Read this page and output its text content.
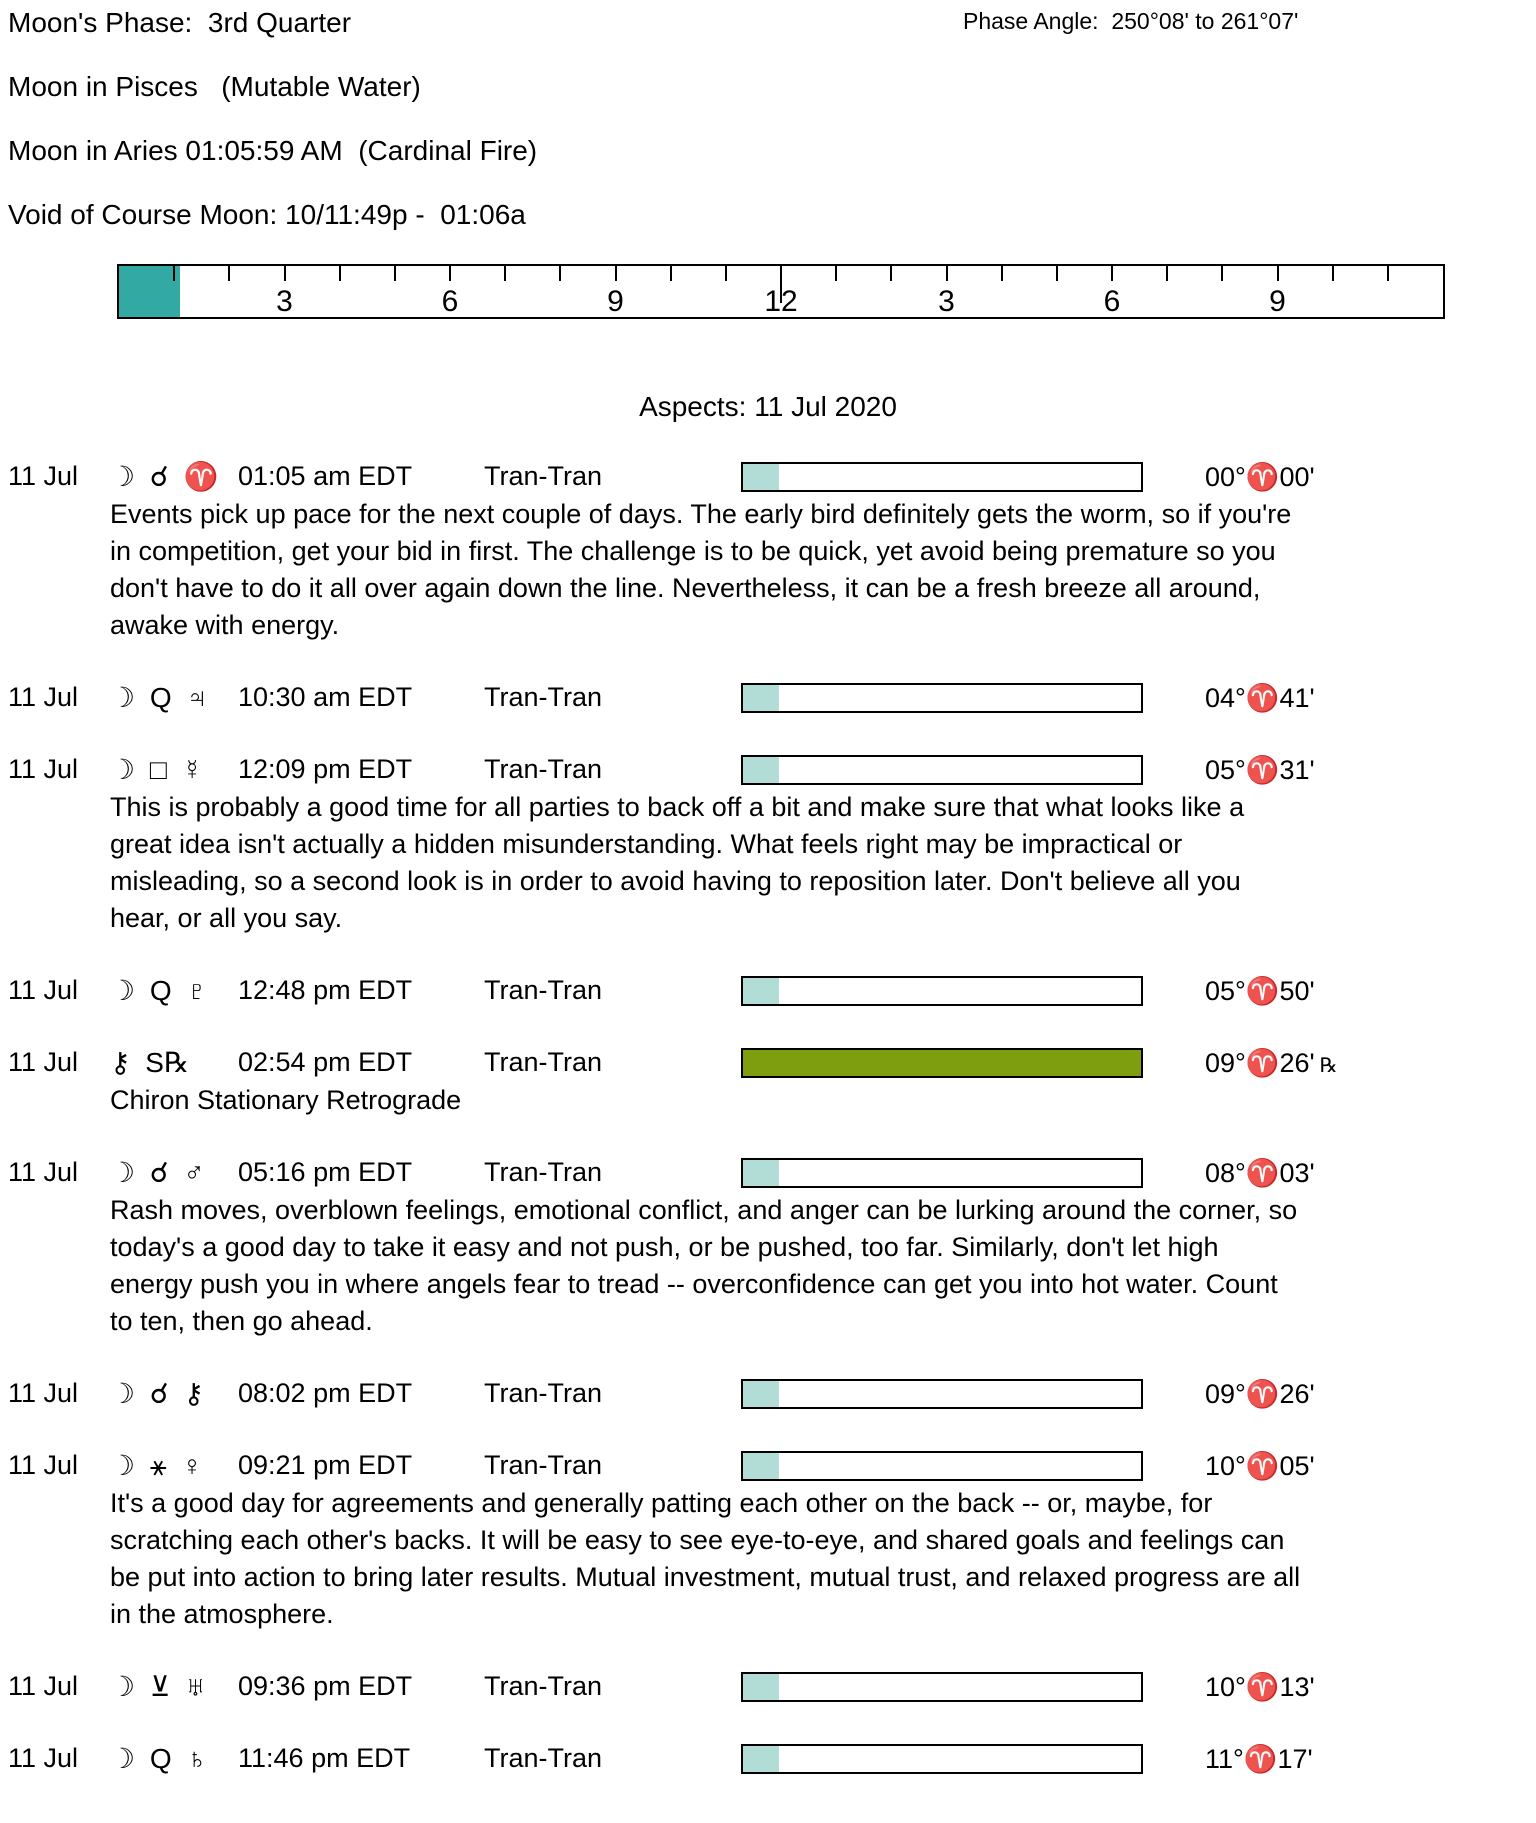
Moon's Phase:  3rd Quarter	Phase Angle:  250°08' to 261°07'

Moon in Pisces   (Mutable Water)

Moon in Aries 01:05:59 AM  (Cardinal Fire)

Void of Course Moon: 10/11:49p -  01:06a

3	6	9	12	3	6	9
Aspects: 11 Jul 2020
11 Jul	☽ ☌ ♈ 01:05 am EDT	Tran-Tran	00°♈00'
Events pick up pace for the next couple of days. The early bird definitely gets the worm, so if you're in competition, get your bid in first. The challenge is to be quick, yet avoid being premature so you don't have to do it all over again down the line. Nevertheless, it can be a fresh breeze all around, awake with energy.
11 Jul	☽ Q ♃	10:30 am EDT	Tran-Tran	04°♈41'
11 Jul	☽ □ ☿	12:09 pm EDT	Tran-Tran	05°♈31'
This is probably a good time for all parties to back off a bit and make sure that what looks like a great idea isn't actually a hidden misunderstanding. What feels right may be impractical or misleading, so a second look is in order to avoid having to reposition later. Don't believe all you hear, or all you say.
11 Jul	☽ Q ♇	12:48 pm EDT	Tran-Tran	05°♈50'
11 Jul	⚷ S℞	02:54 pm EDT	Tran-Tran	09°♈26' ℞
Chiron Stationary Retrograde
11 Jul	☽ ☌ ♂	05:16 pm EDT	Tran-Tran	08°♈03'
Rash moves, overblown feelings, emotional conflict, and anger can be lurking around the corner, so today's a good day to take it easy and not push, or be pushed, too far. Similarly, don't let high energy push you in where angels fear to tread -- overconfidence can get you into hot water. Count to ten, then go ahead.
11 Jul	☽ ☌ ⚷	08:02 pm EDT	Tran-Tran	09°♈26'
11 Jul	☽ ⚹ ♀	09:21 pm EDT	Tran-Tran	10°♈05'
It's a good day for agreements and generally patting each other on the back -- or, maybe, for scratching each other's backs. It will be easy to see eye-to-eye, and shared goals and feelings can be put into action to bring later results. Mutual investment, mutual trust, and relaxed progress are all in the atmosphere.
11 Jul	☽ ⊻ ♅	09:36 pm EDT	Tran-Tran	10°♈13'
11 Jul	☽ Q ♄	11:46 pm EDT	Tran-Tran	11°♈17'
